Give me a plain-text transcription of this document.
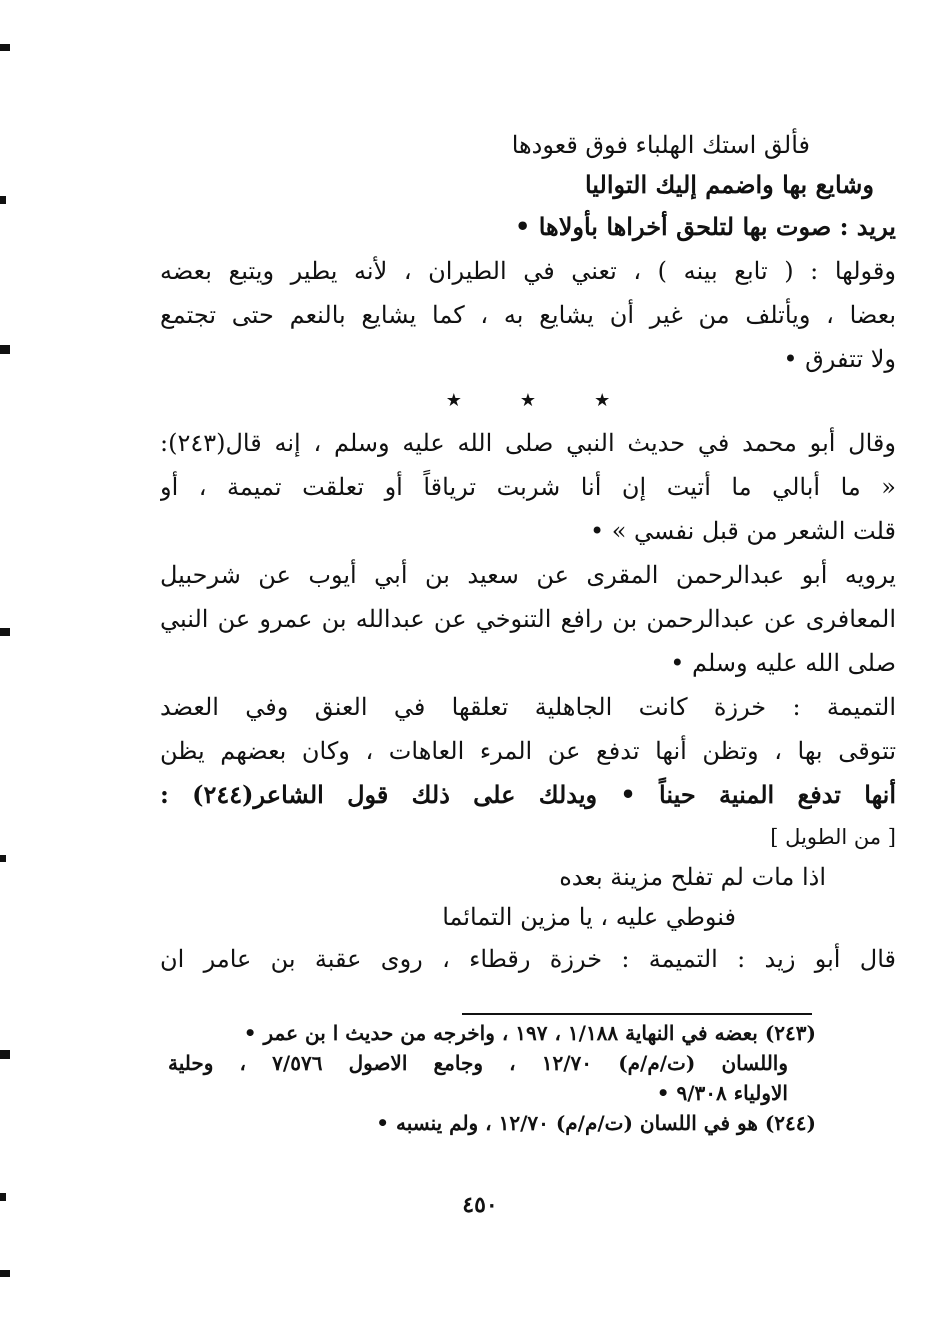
فألق استك الهلباء فوق قعودها
وشايع بها واضمم إليك التواليا
يريد : صوت بها لتلحق أخراها بأولاها •
وقولها : ( تابع بينه ) ، تعني في الطيران ، لأنه يطير ويتبع بعضه
بعضا ، ويأتلف من غير أن يشايع به ، كما يشايع بالنعم حتى تجتمع
ولا تتفرق •
★	★	★
وقال أبو محمد في حديث النبي صلى الله عليه وسلم ، إنه قال(٢٤٣):
« ما أبالي ما أتيت إن أنا شربت ترياقاً أو تعلقت تميمة ، أو
قلت الشعر من قبل نفسي » •
يرويه أبو عبدالرحمن المقرى عن سعيد بن أبي أيوب عن شرحبيل
المعافرى عن عبدالرحمن بن رافع التنوخي عن عبدالله بن عمرو عن النبي
صلى الله عليه وسلم •
التميمة : خرزة كانت الجاهلية تعلقها في العنق وفي العضد
تتوقى بها ، وتظن أنها تدفع عن المرء العاهات ، وكان بعضهم يظن
أنها تدفع المنية حيناً • ويدلك على ذلك قول الشاعر(٢٤٤) :
[ من الطويل ]
اذا مات لم تفلح مزينة بعده
فنوطي عليه ، يا مزين التمائما
قال أبو زيد : التميمة : خرزة رقطاء ، روى عقبة بن عامر ان
(٢٤٣) بعضه في النهاية ١/١٨٨ ، ١٩٧ ، واخرجه من حديث ا بن عمر •
واللسان (ت/م/م) ١٢/٧٠ ، وجامع الاصول ٧/٥٧٦ ، وحلية
الاولياء ٩/٣٠٨ •
(٢٤٤) هو في اللسان (ت/م/م) ١٢/٧٠ ، ولم ينسبه •
٤٥٠
